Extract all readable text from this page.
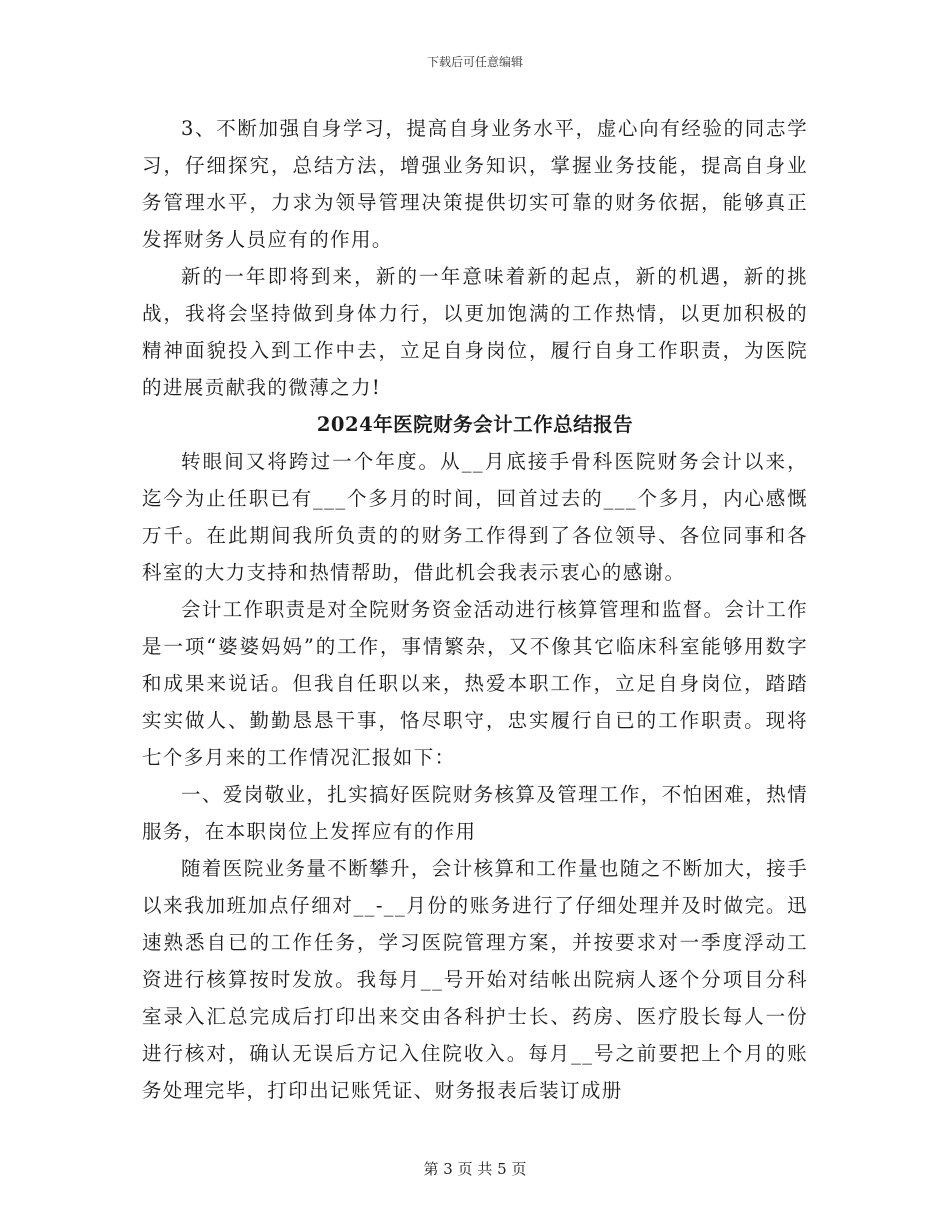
下载后可任意编辑

3、不断加强自身学习，提高自身业务水平，虚心向有经验的同志学习，仔细探究，总结方法，增强业务知识，掌握业务技能，提高自身业务管理水平，力求为领导管理决策提供切实可靠的财务依据，能够真正发挥财务人员应有的作用。

新的一年即将到来，新的一年意味着新的起点，新的机遇，新的挑战，我将会坚持做到身体力行，以更加饱满的工作热情，以更加积极的精神面貌投入到工作中去，立足自身岗位，履行自身工作职责，为医院的进展贡献我的微薄之力!

2024年医院财务会计工作总结报告

转眼间又将跨过一个年度。从__月底接手骨科医院财务会计以来，迄今为止任职已有___个多月的时间，回首过去的___个多月，内心感慨万千。在此期间我所负责的的财务工作得到了各位领导、各位同事和各科室的大力支持和热情帮助，借此机会我表示衷心的感谢。

会计工作职责是对全院财务资金活动进行核算管理和监督。会计工作是一项“婆婆妈妈”的工作，事情繁杂，又不像其它临床科室能够用数字和成果来说话。但我自任职以来，热爱本职工作，立足自身岗位，踏踏实实做人、勤勤恳恳干事，恪尽职守，忠实履行自已的工作职责。现将七个多月来的工作情况汇报如下：

一、爱岗敬业，扎实搞好医院财务核算及管理工作，不怕困难，热情服务，在本职岗位上发挥应有的作用

随着医院业务量不断攀升，会计核算和工作量也随之不断加大，接手以来我加班加点仔细对__-__月份的账务进行了仔细处理并及时做完。迅速熟悉自已的工作任务，学习医院管理方案，并按要求对一季度浮动工资进行核算按时发放。我每月__号开始对结帐出院病人逐个分项目分科室录入汇总完成后打印出来交由各科护士长、药房、医疗股长每人一份进行核对，确认无误后方记入住院收入。每月__号之前要把上个月的账务处理完毕，打印出记账凭证、财务报表后装订成册

第 3 页 共 5 页
